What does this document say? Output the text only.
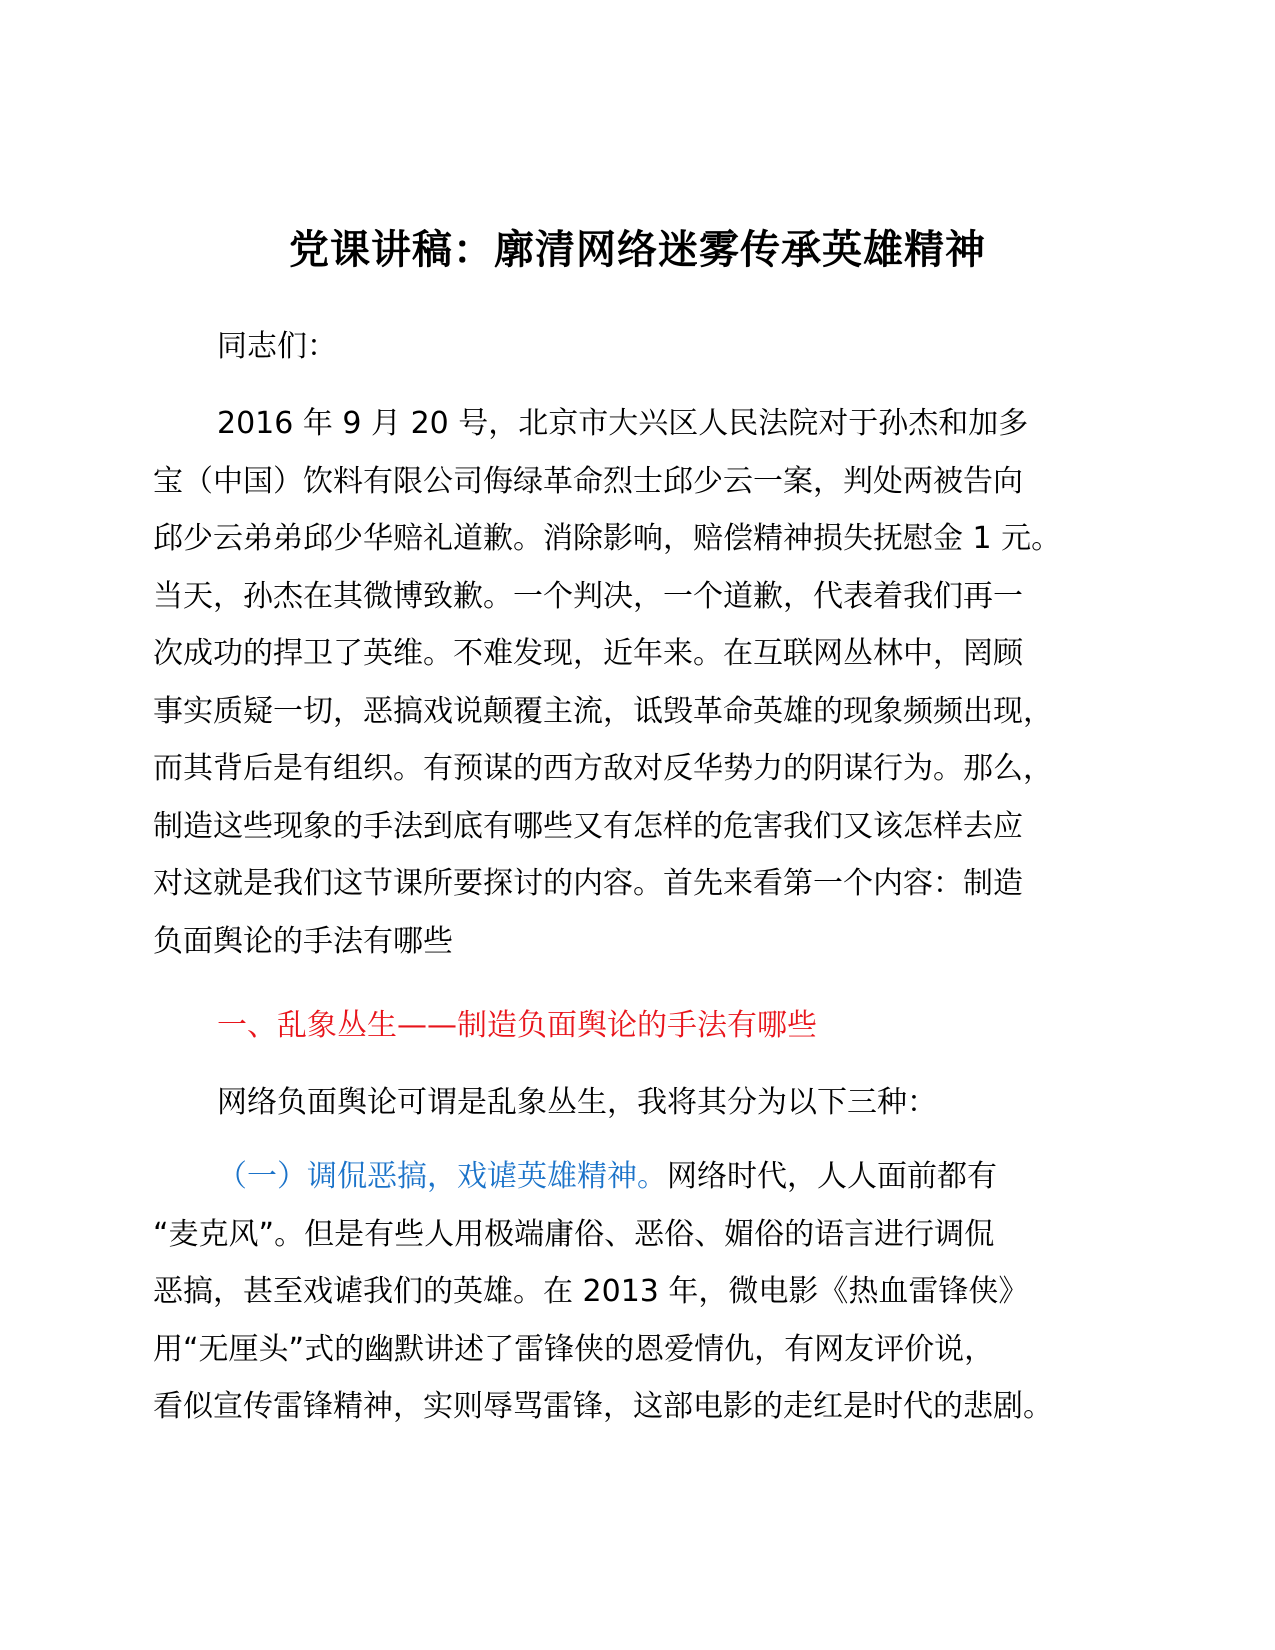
党课讲稿：廓清网络迷雾传承英雄精神
同志们：
2016 年 9 月 20 号，北京市大兴区人民法院对于孙杰和加多
宝（中国）饮料有限公司侮绿革命烈士邱少云一案，判处两被告向
邱少云弟弟邱少华赔礼道歉。消除影响，赔偿精神损失抚慰金 1 元。
当天，孙杰在其微博致歉。一个判决，一个道歉，代表着我们再一
次成功的捍卫了英维。不难发现，近年来。在互联网丛林中，罔顾
事实质疑一切，恶搞戏说颠覆主流，诋毁革命英雄的现象频频出现，
而其背后是有组织。有预谋的西方敌对反华势力的阴谋行为。那么，
制造这些现象的手法到底有哪些又有怎样的危害我们又该怎样去应
对这就是我们这节课所要探讨的内容。首先来看第一个内容：制造
负面舆论的手法有哪些
一、乱象丛生——制造负面舆论的手法有哪些
网络负面舆论可谓是乱象丛生，我将其分为以下三种：
（一）调侃恶搞，戏谑英雄精神。网络时代，人人面前都有
“麦克风”。但是有些人用极端庸俗、恶俗、媚俗的语言进行调侃
恶搞，甚至戏谑我们的英雄。在 2013 年，微电影《热血雷锋侠》
用“无厘头”式的幽默讲述了雷锋侠的恩爱情仇，有网友评价说，
看似宣传雷锋精神，实则辱骂雷锋，这部电影的走红是时代的悲剧。
